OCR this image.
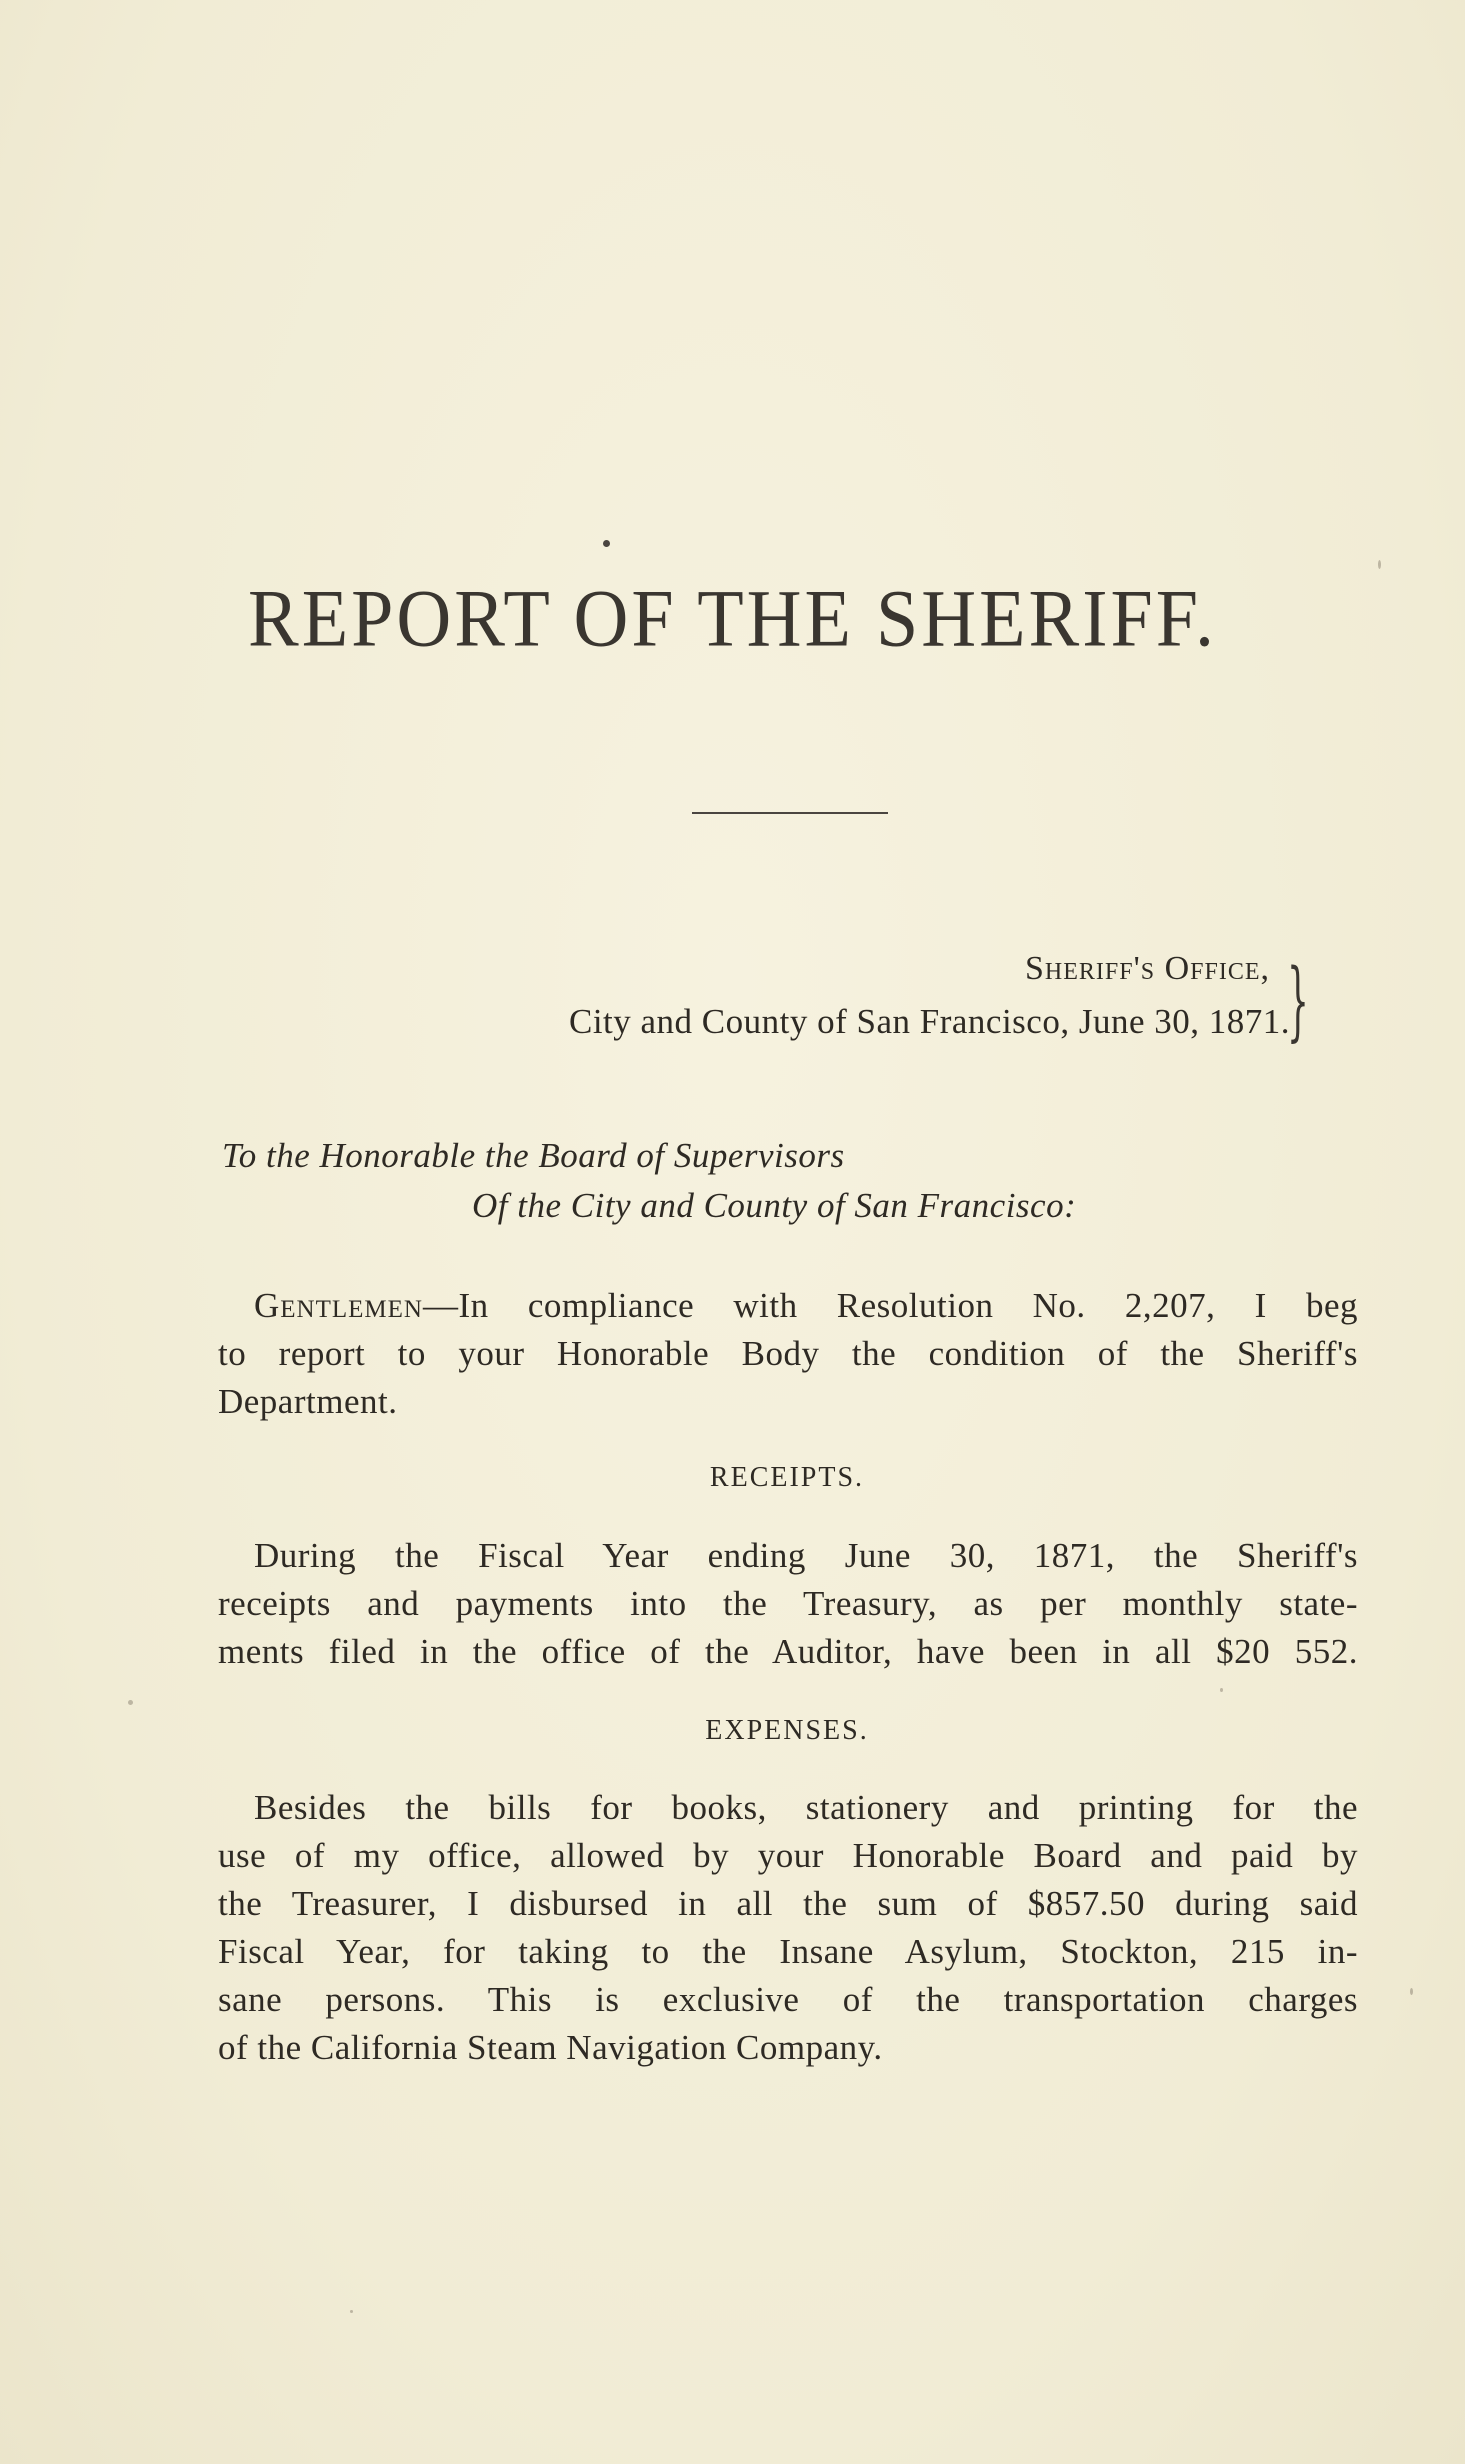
REPORT OF THE SHERIFF.
Sheriff's Office,
City and County of San Francisco, June 30, 1871.
}
To the Honorable the Board of Supervisors
Of the City and County of San Francisco:
Gentlemen—In compliance with Resolution No. 2,207, I beg
to report to your Honorable Body the condition of the Sheriff's
Department.
RECEIPTS.
During the Fiscal Year ending June 30, 1871, the Sheriff's
receipts and payments into the Treasury, as per monthly state-
ments filed in the office of the Auditor, have been in all $20 552.
EXPENSES.
Besides the bills for books, stationery and printing for the
use of my office, allowed by your Honorable Board and paid by
the Treasurer, I disbursed in all the sum of $857.50 during said
Fiscal Year, for taking to the Insane Asylum, Stockton, 215 in-
sane persons. This is exclusive of the transportation charges
of the California Steam Navigation Company.
